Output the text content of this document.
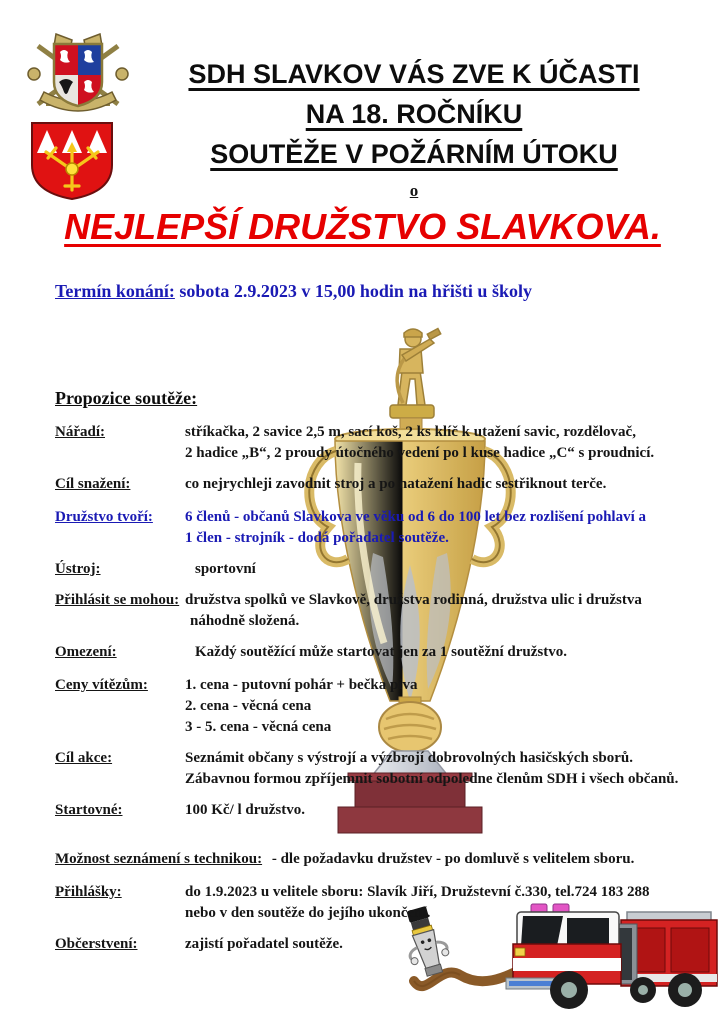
SDH SLAVKOV VÁS ZVE K ÚČASTI
NA 18. ROČNÍKU
SOUTĚŽE V POŽÁRNÍM ÚTOKU
o
NEJLEPŠÍ DRUŽSTVO SLAVKOVA.
Termín konání: sobota 2.9.2023 v 15,00 hodin na hřišti u školy
Propozice soutěže:
Nářadí:	stříkačka, 2 savice 2,5 m, sací koš, 2 ks klíč k utažení savic, rozdělovač,
2 hadice „B“, 2 proudy útočného vedení po l kuse hadice „C“ s proudnicí.
Cíl snažení:	co nejrychleji zavodnit stroj a po natažení hadic sestřiknout terče.
Družstvo tvoří:	6 členů - občanů Slavkova ve věku od 6 do 100 let bez rozlišení pohlaví a
1 člen - strojník - dodá pořadatel soutěže.
Ústroj:	sportovní
Přihlásit se mohou: družstva spolků ve Slavkově, družstva rodinná, družstva ulic i družstva
náhodně složená.
Omezení:	Každý soutěžící může startovat jen za 1 soutěžní družstvo.
Ceny vítězům:	1. cena - putovní pohár + bečka piva
2. cena - věcná cena
3 - 5. cena - věcná cena
Cíl akce:	Seznámit občany s výstrojí a výzbrojí dobrovolných hasičských sborů.
Zábavnou formou zpříjemnit sobotní odpoledne členům SDH i všech občanů.
Startovné:	100 Kč/ l družstvo.
Možnost seznámení s technikou: - dle požadavku družstev - po domluvě s velitelem sboru.
Přihlášky:	do 1.9.2023 u velitele sboru: Slavík Jiří, Družstevní č.330, tel.724 183 288
nebo v den soutěže do jejího ukončení.
Občerstvení:	zajistí pořadatel soutěže.
